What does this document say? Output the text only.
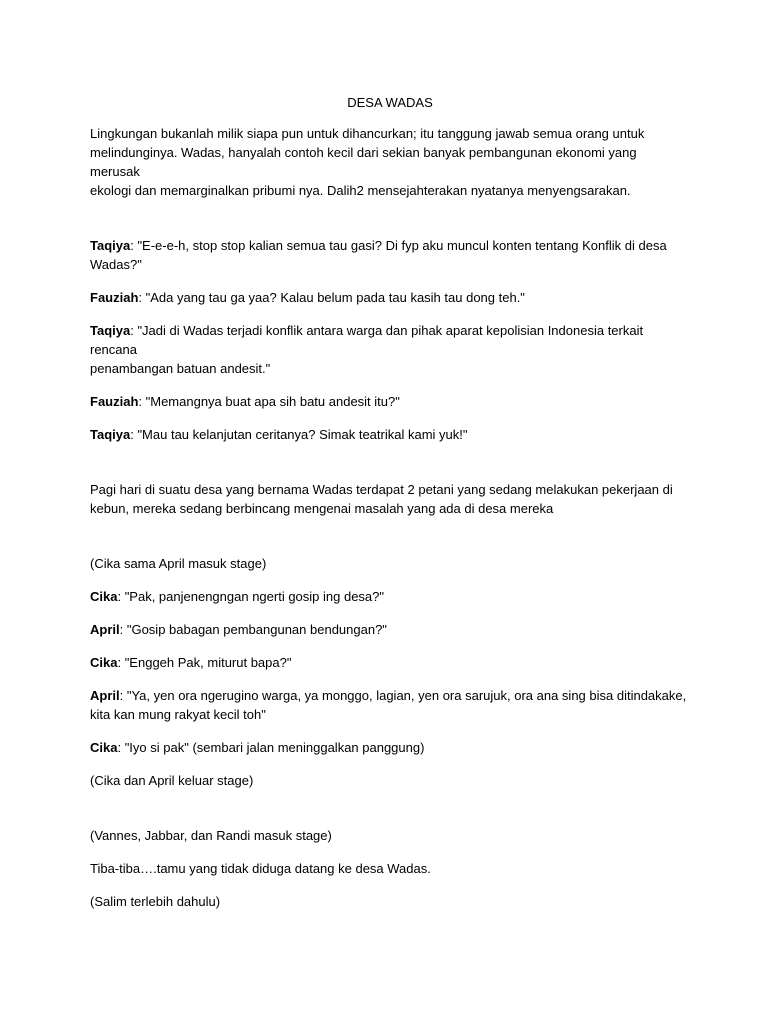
DESA WADAS

Lingkungan bukanlah milik siapa pun untuk dihancurkan; itu tanggung jawab semua orang untuk
melindunginya. Wadas, hanyalah contoh kecil dari sekian banyak pembangunan ekonomi yang merusak
ekologi dan memarginalkan pribumi nya. Dalih2 mensejahterakan nyatanya menyengsarakan.

Taqiya: "E-e-e-h, stop stop kalian semua tau gasi? Di fyp aku muncul konten tentang Konflik di desa
Wadas?"

Fauziah: "Ada yang tau ga yaa? Kalau belum pada tau kasih tau dong teh."

Taqiya: "Jadi di Wadas terjadi konflik antara warga dan pihak aparat kepolisian Indonesia terkait rencana
penambangan batuan andesit."

Fauziah: "Memangnya buat apa sih batu andesit itu?"

Taqiya: "Mau tau kelanjutan ceritanya? Simak teatrikal kami yuk!"

Pagi hari di suatu desa yang bernama Wadas terdapat 2 petani yang sedang melakukan pekerjaan di
kebun, mereka sedang berbincang mengenai masalah yang ada di desa mereka

(Cika sama April masuk stage)

Cika: "Pak, panjenengngan ngerti gosip ing desa?"

April: "Gosip babagan pembangunan bendungan?"

Cika: "Enggeh Pak, miturut bapa?"

April: "Ya, yen ora ngerugino warga, ya monggo, lagian, yen ora sarujuk, ora ana sing bisa ditindakake,
kita kan mung rakyat kecil toh"

Cika: "Iyo si pak" (sembari jalan meninggalkan panggung)

(Cika dan April keluar stage)

(Vannes, Jabbar, dan Randi masuk stage)

Tiba-tiba….tamu yang tidak diduga datang ke desa Wadas.

(Salim terlebih dahulu)
